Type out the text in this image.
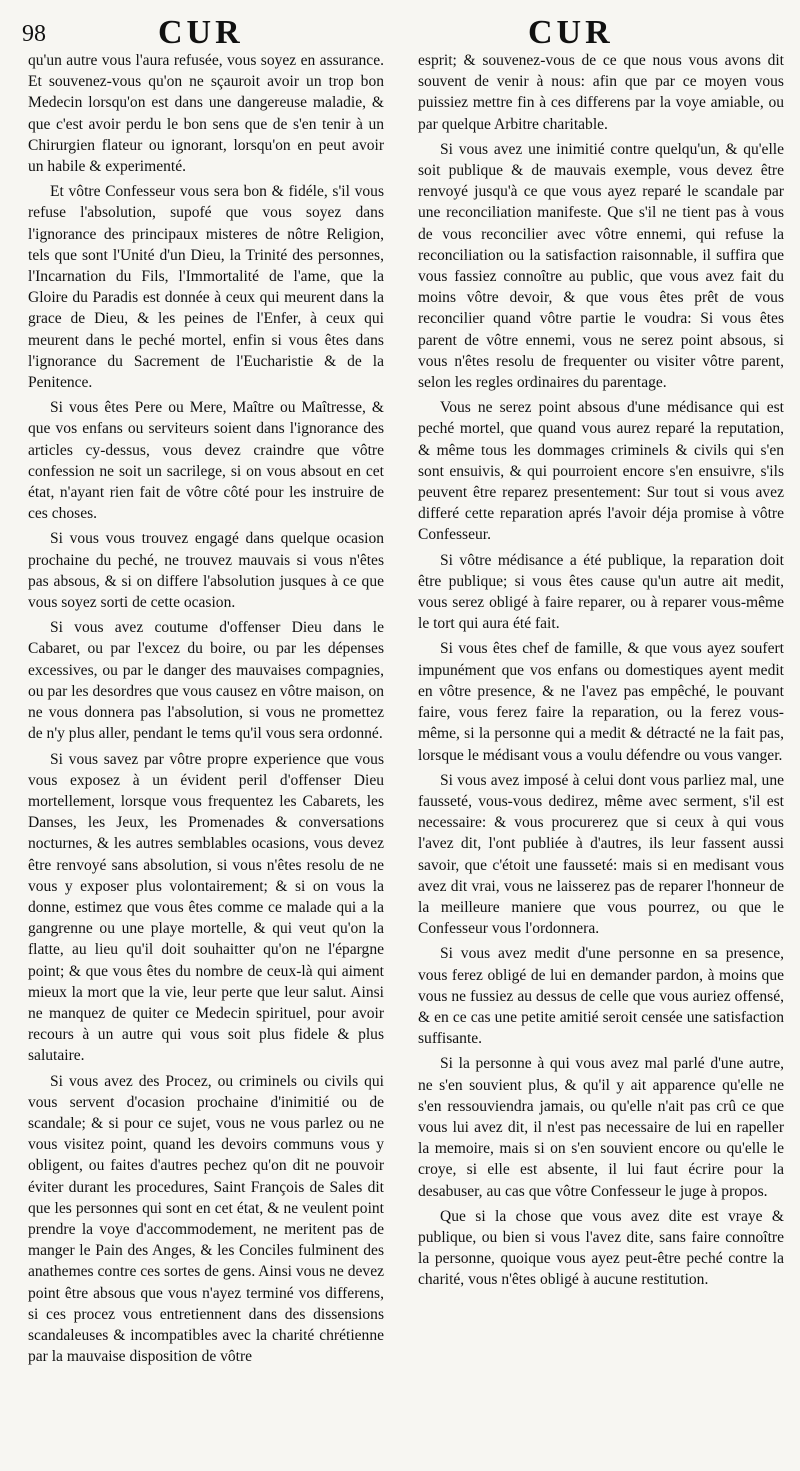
98	CUR	CUR

qu'un autre vous l'aura refusée, vous soyez en assurance. Et souvenez-vous qu'on ne sçauroit avoir un trop bon Medecin lorsqu'on est dans une dangereuse maladie, & que c'est avoir perdu le bon sens que de s'en tenir à un Chirurgien flateur ou ignorant, lorsqu'on en peut avoir un habile & experimenté.

Et vôtre Confesseur vous sera bon & fidéle, s'il vous refuse l'absolution, supofé que vous soyez dans l'ignorance des principaux misteres de nôtre Religion, tels que sont l'Unité d'un Dieu, la Trinité des personnes, l'Incarnation du Fils, l'Immortalité de l'ame, que la Gloire du Paradis est donnée à ceux qui meurent dans la grace de Dieu, & les peines de l'Enfer, à ceux qui meurent dans le peché mortel, enfin si vous êtes dans l'ignorance du Sacrement de l'Eucharistie & de la Penitence.

Si vous êtes Pere ou Mere, Maître ou Maîtresse, & que vos enfans ou serviteurs soient dans l'ignorance des articles cy-dessus, vous devez craindre que vôtre confession ne soit un sacrilege, si on vous absout en cet état, n'ayant rien fait de vôtre côté pour les instruire de ces choses.

Si vous vous trouvez engagé dans quelque ocasion prochaine du peché, ne trouvez mauvais si vous n'êtes pas absous, & si on differe l'absolution jusques à ce que vous soyez sorti de cette ocasion.

Si vous avez coutume d'offenser Dieu dans le Cabaret, ou par l'excez du boire, ou par les dépenses excessives, ou par le danger des mauvaises compagnies, ou par les desordres que vous causez en vôtre maison, on ne vous donnera pas l'absolution, si vous ne promettez de n'y plus aller, pendant le tems qu'il vous sera ordonné.

Si vous savez par vôtre propre experience que vous vous exposez à un évident peril d'offenser Dieu mortellement, lorsque vous frequentez les Cabarets, les Danses, les Jeux, les Promenades & conversations nocturnes, & les autres semblables ocasions, vous devez être renvoyé sans absolution, si vous n'êtes resolu de ne vous y exposer plus volontairement; & si on vous la donne, estimez que vous êtes comme ce malade qui a la gangrenne ou une playe mortelle, & qui veut qu'on la flatte, au lieu qu'il doit souhaitter qu'on ne l'épargne point; & que vous êtes du nombre de ceux-là qui aiment mieux la mort que la vie, leur perte que leur salut. Ainsi ne manquez de quiter ce Medecin spirituel, pour avoir recours à un autre qui vous soit plus fidele & plus salutaire.

Si vous avez des Procez, ou criminels ou civils qui vous servent d'ocasion prochaine d'inimitié ou de scandale; & si pour ce sujet, vous ne vous parlez ou ne vous visitez point, quand les devoirs communs vous y obligent, ou faites d'autres pechez qu'on dit ne pouvoir éviter durant les procedures, Saint François de Sales dit que les personnes qui sont en cet état, & ne veulent point prendre la voye d'accommodement, ne meritent pas de manger le Pain des Anges, & les Conciles fulminent des anathemes contre ces sortes de gens. Ainsi vous ne devez point être absous que vous n'ayez terminé vos differens, si ces procez vous entretiennent dans des dissensions scandaleuses & incompatibles avec la charité chrétienne par la mauvaise disposition de vôtre

esprit; & souvenez-vous de ce que nous vous avons dit souvent de venir à nous: afin que par ce moyen vous puissiez mettre fin à ces differens par la voye amiable, ou par quelque Arbitre charitable.

Si vous avez une inimitié contre quelqu'un, & qu'elle soit publique & de mauvais exemple, vous devez être renvoyé jusqu'à ce que vous ayez reparé le scandale par une reconciliation manifeste. Que s'il ne tient pas à vous de vous reconcilier avec vôtre ennemi, qui refuse la reconciliation ou la satisfaction raisonnable, il suffira que vous fassiez connoître au public, que vous avez fait du moins vôtre devoir, & que vous êtes prêt de vous reconcilier quand vôtre partie le voudra: Si vous êtes parent de vôtre ennemi, vous ne serez point absous, si vous n'êtes resolu de frequenter ou visiter vôtre parent, selon les regles ordinaires du parentage.

Vous ne serez point absous d'une médisance qui est peché mortel, que quand vous aurez reparé la reputation, & même tous les dommages criminels & civils qui s'en sont ensuivis, & qui pourroient encore s'en ensuivre, s'ils peuvent être reparez presentement: Sur tout si vous avez differé cette reparation aprés l'avoir déja promise à vôtre Confesseur.

Si vôtre médisance a été publique, la reparation doit être publique; si vous êtes cause qu'un autre ait medit, vous serez obligé à faire reparer, ou à reparer vous-même le tort qui aura été fait.

Si vous êtes chef de famille, & que vous ayez soufert impunément que vos enfans ou domestiques ayent medit en vôtre presence, & ne l'avez pas empêché, le pouvant faire, vous ferez faire la reparation, ou la ferez vous-même, si la personne qui a medit & détracté ne la fait pas, lorsque le médisant vous a voulu défendre ou vous vanger.

Si vous avez imposé à celui dont vous parliez mal, une fausseté, vous-vous dedirez, même avec serment, s'il est necessaire: & vous procurerez que si ceux à qui vous l'avez dit, l'ont publiée à d'autres, ils leur fassent aussi savoir, que c'étoit une fausseté: mais si en medisant vous avez dit vrai, vous ne laisserez pas de reparer l'honneur de la meilleure maniere que vous pourrez, ou que le Confesseur vous l'ordonnera.

Si vous avez medit d'une personne en sa presence, vous ferez obligé de lui en demander pardon, à moins que vous ne fussiez au dessus de celle que vous auriez offensé, & en ce cas une petite amitié seroit censée une satisfaction suffisante.

Si la personne à qui vous avez mal parlé d'une autre, ne s'en souvient plus, & qu'il y ait apparence qu'elle ne s'en ressouviendra jamais, ou qu'elle n'ait pas crû ce que vous lui avez dit, il n'est pas necessaire de lui en rapeller la memoire, mais si on s'en souvient encore ou qu'elle le croye, si elle est absente, il lui faut écrire pour la desabuser, au cas que vôtre Confesseur le juge à propos.

Que si la chose que vous avez dite est vraye & publique, ou bien si vous l'avez dite, sans faire connoître la personne, quoique vous ayez peut-être peché contre la charité, vous n'êtes obligé à aucune restitution.
